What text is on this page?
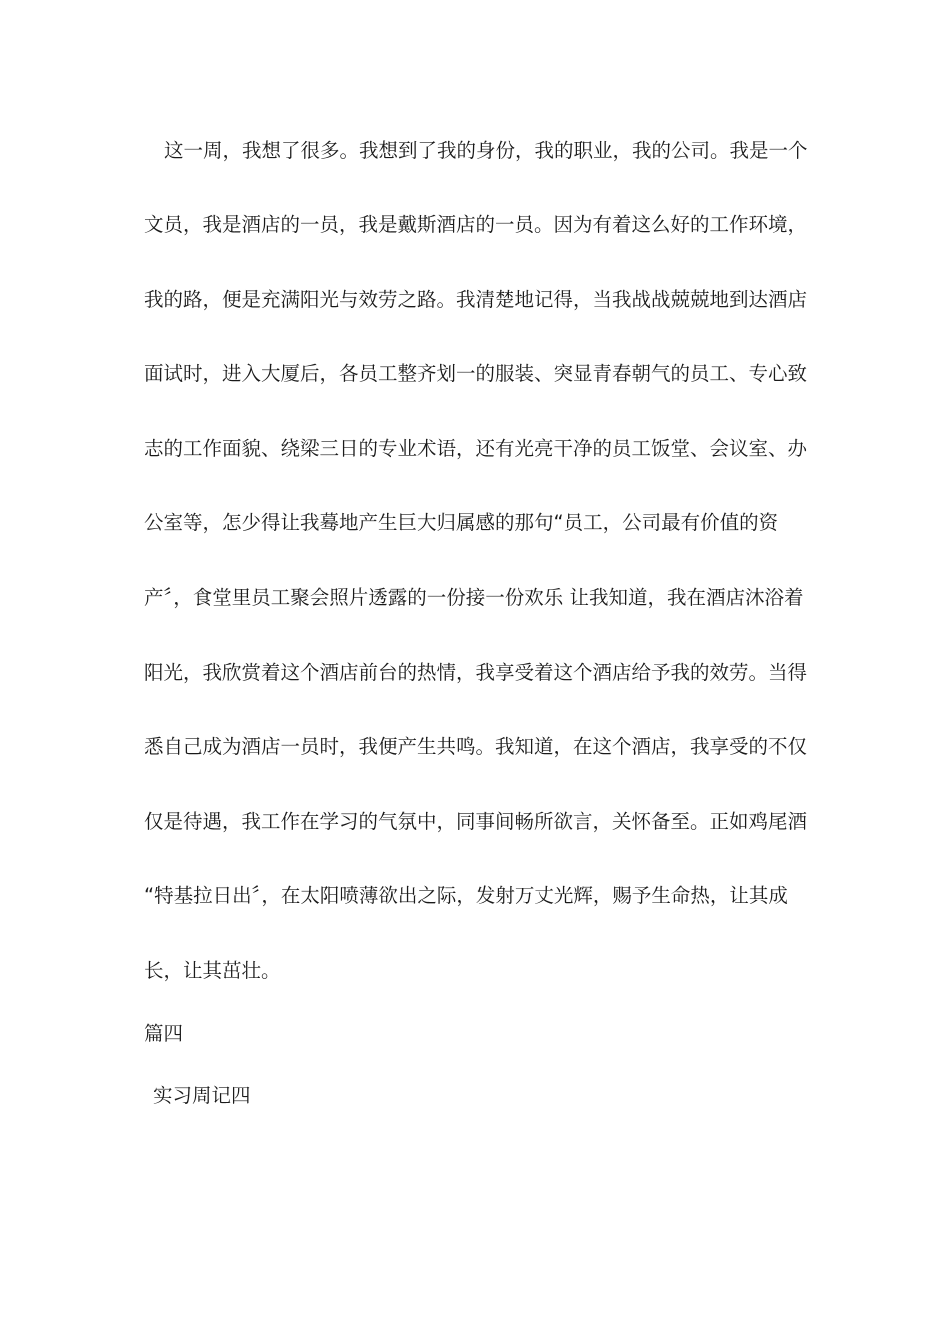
这一周，我想了很多。我想到了我的身份，我的职业，我的公司。我是一个
文员，我是酒店的一员，我是戴斯酒店的一员。因为有着这么好的工作环境，
我的路，便是充满阳光与效劳之路。我清楚地记得，当我战战兢兢地到达酒店
面试时，进入大厦后，各员工整齐划一的服装、突显青春朝气的员工、专心致
志的工作面貌、绕梁三日的专业术语，还有光亮干净的员工饭堂、会议室、办
公室等，怎少得让我蓦地产生巨大归属感的那句“员工，公司最有价值的资
产〞，食堂里员工聚会照片透露的一份接一份欢乐 让我知道，我在酒店沐浴着
阳光，我欣赏着这个酒店前台的热情，我享受着这个酒店给予我的效劳。当得
悉自己成为酒店一员时，我便产生共鸣。我知道，在这个酒店，我享受的不仅
仅是待遇，我工作在学习的气氛中，同事间畅所欲言，关怀备至。正如鸡尾酒
“特基拉日出〞，在太阳喷薄欲出之际，发射万丈光辉，赐予生命热，让其成
长，让其茁壮。
篇四
实习周记四
